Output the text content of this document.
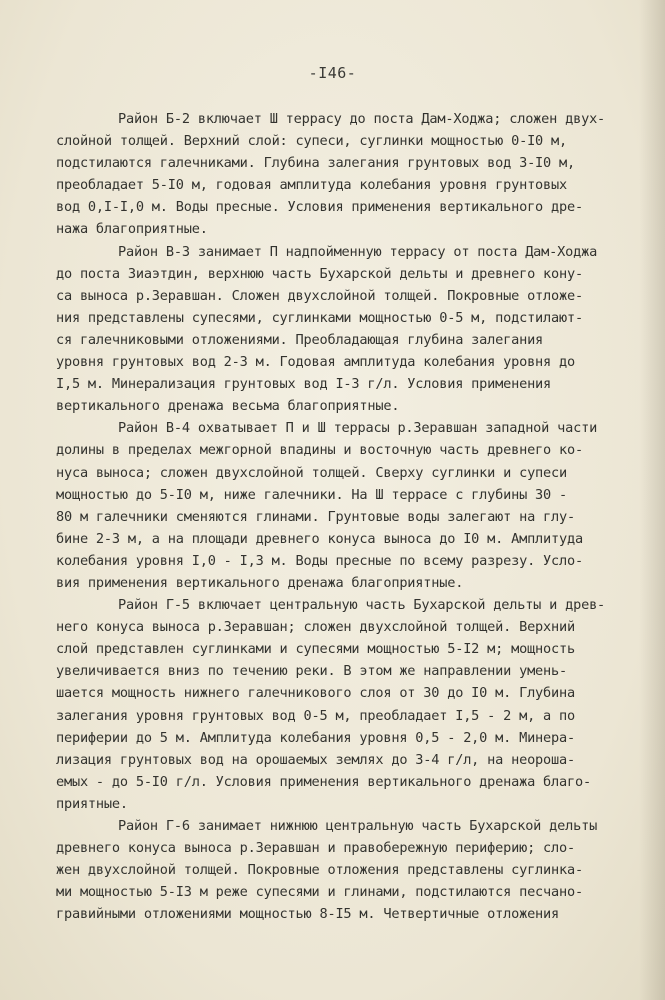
-I46-
Район Б-2 включает Ш террасу до поста Дам-Ходжа; сложен двух-
слойной толщей. Верхний слой: супеси, суглинки мощностью 0-I0 м,
подстилаются галечниками. Глубина залегания грунтовых вод 3-I0 м,
преобладает 5-I0 м, годовая амплитуда колебания уровня грунтовых
вод 0,I-I,0 м. Воды пресные. Условия применения вертикального дре-
нажа благоприятные.
Район В-3 занимает П надпойменную террасу от поста Дам-Ходжа
до поста Зиаэтдин, верхнюю часть Бухарской дельты и древнего кону-
са выноса р.Зеравшан. Сложен двухслойной толщей. Покровные отложе-
ния представлены супесями, суглинками мощностью 0-5 м, подстилают-
ся галечниковыми отложениями. Преобладающая глубина залегания
уровня грунтовых вод 2-3 м. Годовая амплитуда колебания уровня до
I,5 м. Минерализация грунтовых вод I-3 г/л. Условия применения
вертикального дренажа весьма благоприятные.
Район В-4 охватывает П и Ш террасы р.Зеравшан западной части
долины в пределах межгорной впадины и восточную часть древнего ко-
нуса выноса; сложен двухслойной толщей. Сверху суглинки и супеси
мощностью до 5-I0 м, ниже галечники. На Ш террасе с глубины 30 -
80 м галечники сменяются глинами. Грунтовые воды залегают на глу-
бине 2-3 м, а на площади древнего конуса выноса до I0 м. Амплитуда
колебания уровня I,0 - I,3 м. Воды пресные по всему разрезу. Усло-
вия применения вертикального дренажа благоприятные.
Район Г-5 включает центральную часть Бухарской дельты и древ-
него конуса выноса р.Зеравшан; сложен двухслойной толщей. Верхний
слой представлен суглинками и супесями мощностью 5-I2 м; мощность
увеличивается вниз по течению реки. В этом же направлении умень-
шается мощность нижнего галечникового слоя от 30 до I0 м. Глубина
залегания уровня грунтовых вод 0-5 м, преобладает I,5 - 2 м, а по
периферии до 5 м. Амплитуда колебания уровня 0,5 - 2,0 м. Минера-
лизация грунтовых вод на орошаемых землях до 3-4 г/л, на неороша-
емых - до 5-I0 г/л. Условия применения вертикального дренажа благо-
приятные.
Район Г-6 занимает нижнюю центральную часть Бухарской дельты
древнего конуса выноса р.Зеравшан и правобережную периферию; сло-
жен двухслойной толщей. Покровные отложения представлены суглинка-
ми мощностью 5-I3 м реже супесями и глинами, подстилаются песчано-
гравийными отложениями мощностью 8-I5 м. Четвертичные отложения
